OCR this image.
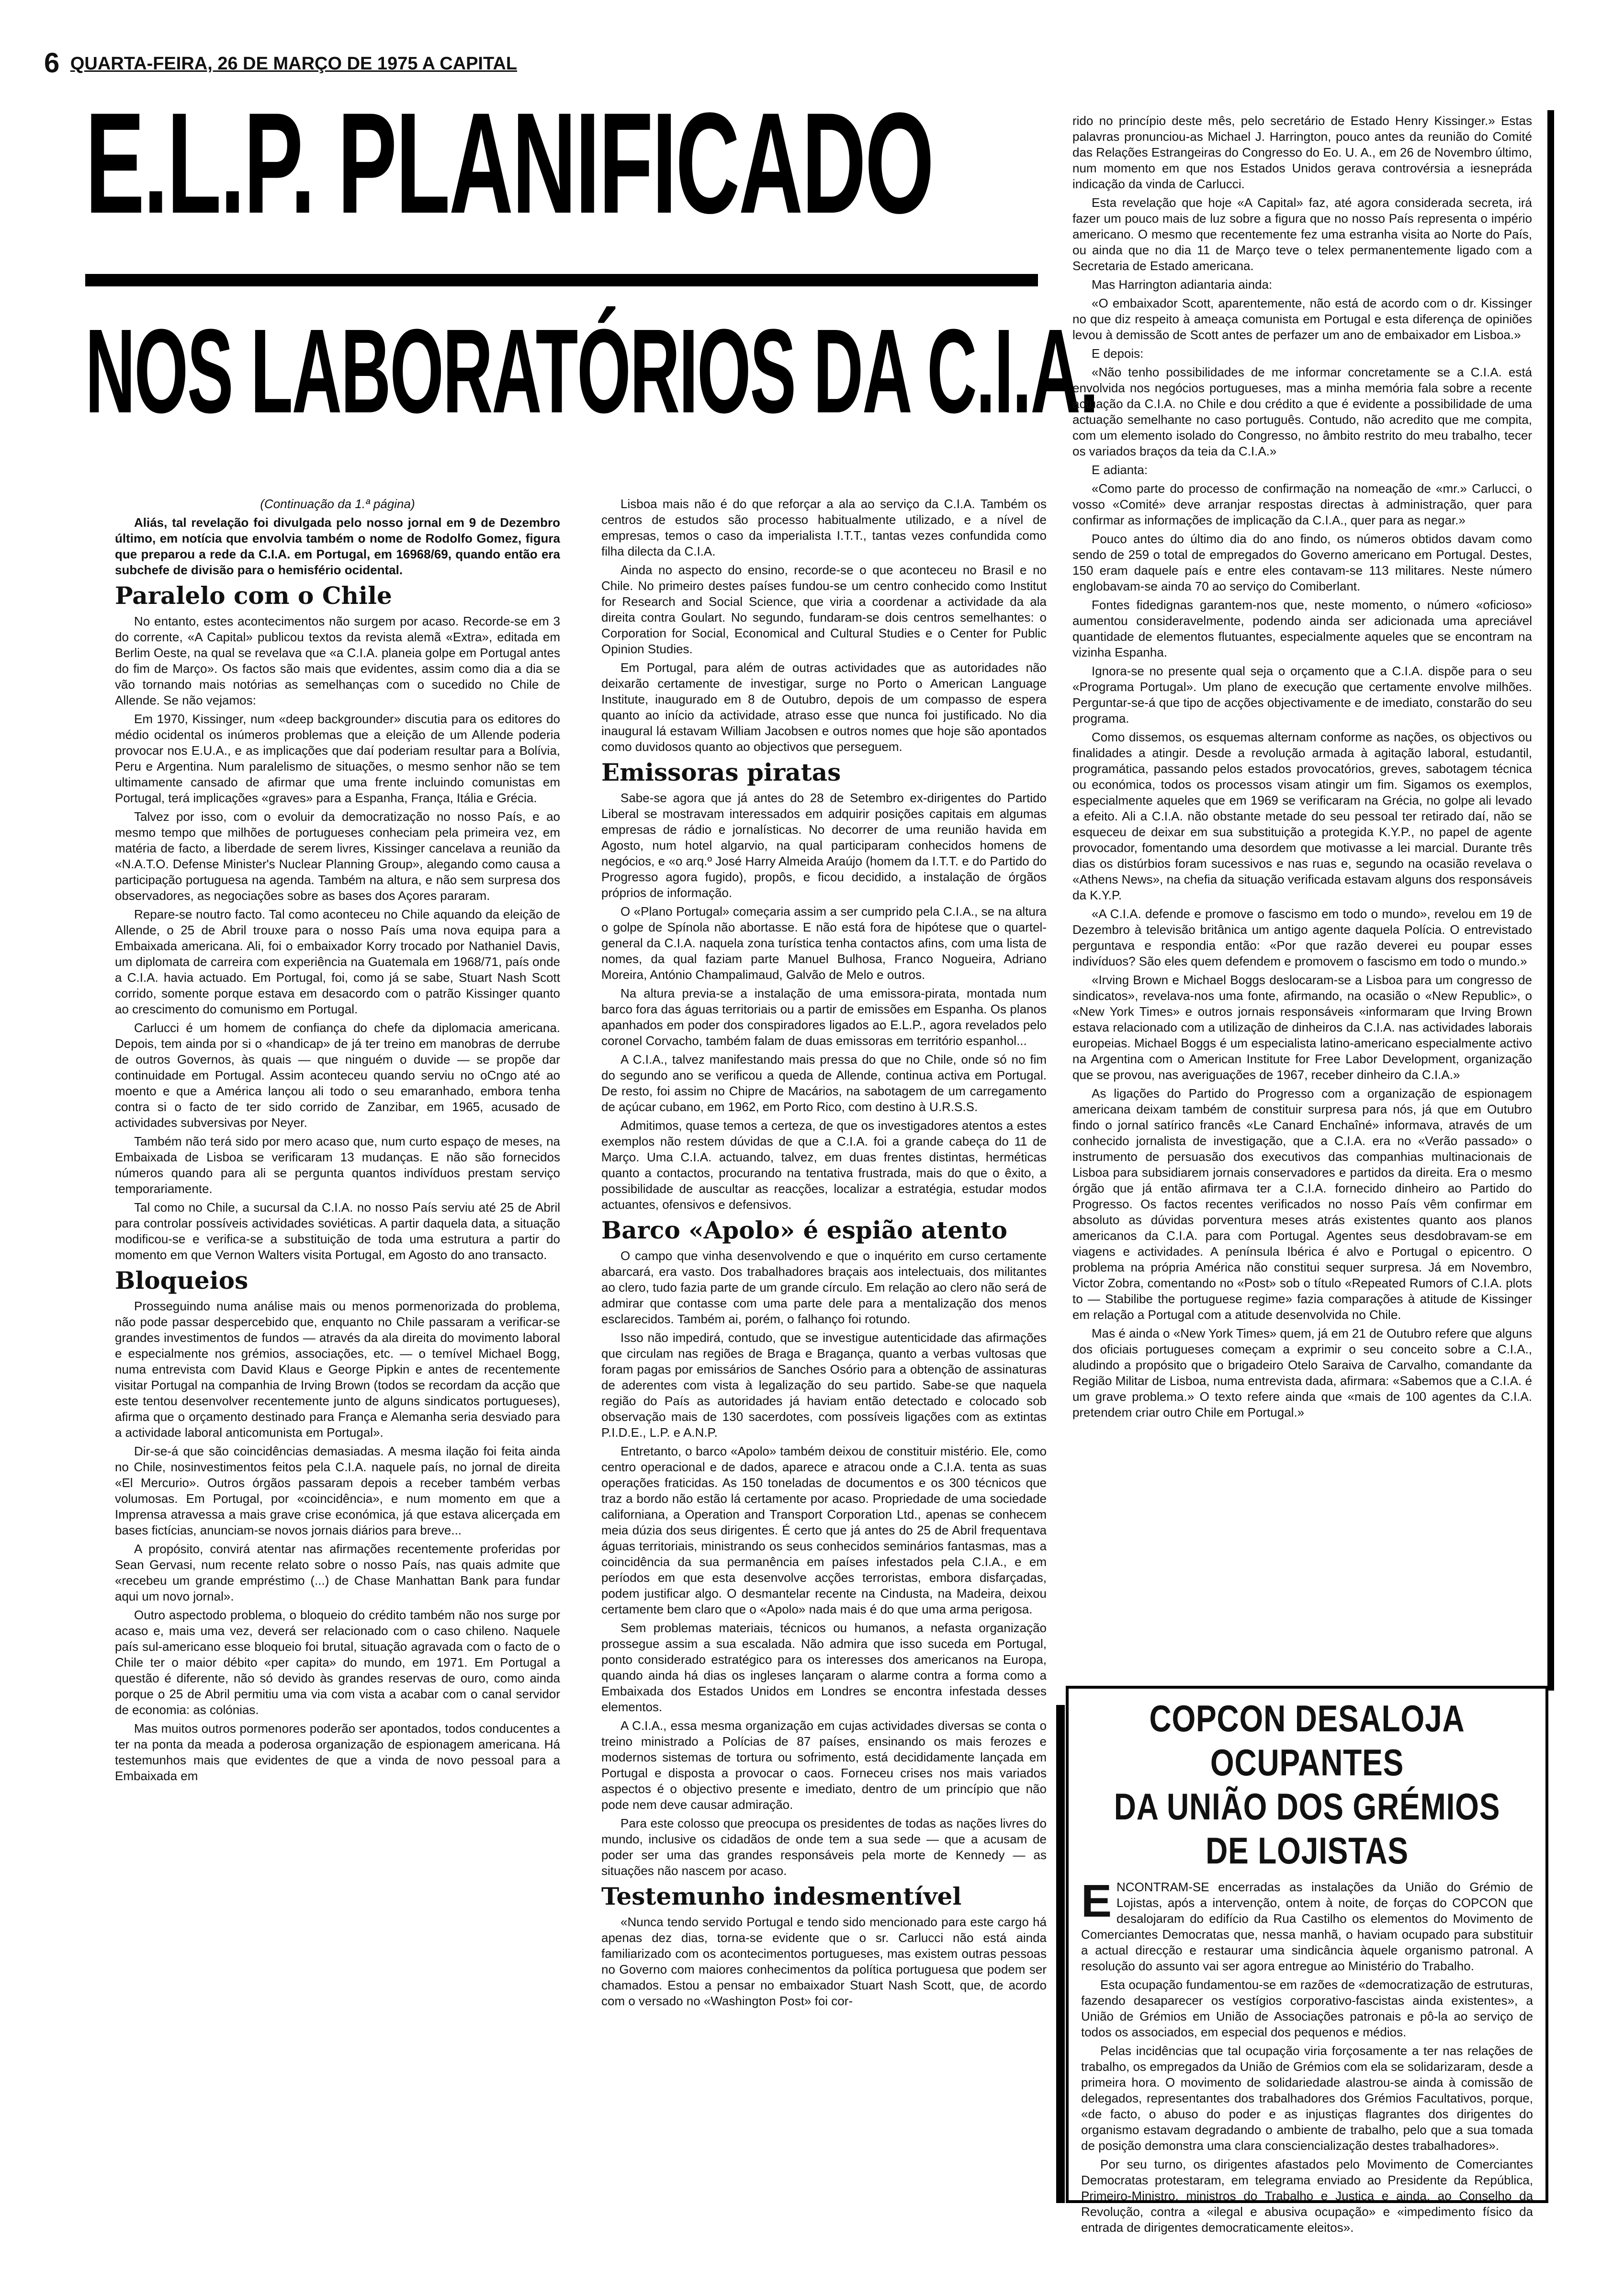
6 QUARTA-FEIRA, 26 DE MARÇO DE 1975 A CAPITAL
E.L.P. PLANIFICADO
NOS LABORATÓRIOS DA C.I.A.

(Continuação da 1.ª página)

Aliás, tal revelação foi divulgada pelo nosso jornal em 9 de Dezembro último, em notícia que envolvia também o nome de Rodolfo Gomez, figura que preparou a rede da C.I.A. em Portugal, em 16968/69, quando então era subchefe de divisão para o hemisfério ocidental.

Paralelo com o Chile

No entanto, estes acontecimentos não surgem por acaso. Recorde-se em 3 do corrente, «A Capital» publicou textos da revista alemã «Extra», editada em Berlim Oeste, na qual se revelava que «a C.I.A. planeia golpe em Portugal antes do fim de Março». Os factos são mais que evidentes, assim como dia a dia se vão tornando mais notórias as semelhanças com o sucedido no Chile de Allende. Se não vejamos:

Em 1970, Kissinger, num «deep backgrounder» discutia para os editores do médio ocidental os inúmeros problemas que a eleição de um Allende poderia provocar nos E.U.A., e as implicações que daí poderiam resultar para a Bolívia, Peru e Argentina. Num paralelismo de situações, o mesmo senhor não se tem ultimamente cansado de afirmar que uma frente incluindo comunistas em Portugal, terá implicações «graves» para a Espanha, França, Itália e Grécia.

Talvez por isso, com o evoluir da democratização no nosso País, e ao mesmo tempo que milhões de portugueses conheciam pela primeira vez, em matéria de facto, a liberdade de serem livres, Kissinger cancelava a reunião da «N.A.T.O. Defense Minister's Nuclear Planning Group», alegando como causa a participação portuguesa na agenda. Também na altura, e não sem surpresa dos observadores, as negociações sobre as bases dos Açores pararam.

Repare-se noutro facto. Tal como aconteceu no Chile aquando da eleição de Allende, o 25 de Abril trouxe para o nosso País uma nova equipa para a Embaixada americana. Ali, foi o embaixador Korry trocado por Nathaniel Davis, um diplomata de carreira com experiência na Guatemala em 1968/71, país onde a C.I.A. havia actuado. Em Portugal, foi, como já se sabe, Stuart Nash Scott corrido, somente porque estava em desacordo com o patrão Kissinger quanto ao crescimento do comunismo em Portugal.

Carlucci é um homem de confiança do chefe da diplomacia americana. Depois, tem ainda por si o «handicap» de já ter treino em manobras de derrube de outros Governos, às quais — que ninguém o duvide — se propõe dar continuidade em Portugal. Assim aconteceu quando serviu no oCngo até ao moento e que a América lançou ali todo o seu emaranhado, embora tenha contra si o facto de ter sido corrido de Zanzibar, em 1965, acusado de actividades subversivas por Neyer.

Também não terá sido por mero acaso que, num curto espaço de meses, na Embaixada de Lisboa se verificaram 13 mudanças. E não são fornecidos números quando para ali se pergunta quantos indivíduos prestam serviço temporariamente.

Tal como no Chile, a sucursal da C.I.A. no nosso País serviu até 25 de Abril para controlar possíveis actividades soviéticas. A partir daquela data, a situação modificou-se e verifica-se a substituição de toda uma estrutura a partir do momento em que Vernon Walters visita Portugal, em Agosto do ano transacto.

Bloqueios

Prosseguindo numa análise mais ou menos pormenorizada do problema, não pode passar despercebido que, enquanto no Chile passaram a verificar-se grandes investimentos de fundos — através da ala direita do movimento laboral e especialmente nos grémios, associações, etc. — o temível Michael Bogg, numa entrevista com David Klaus e George Pipkin e antes de recentemente visitar Portugal na companhia de Irving Brown (todos se recordam da acção que este tentou desenvolver recentemente junto de alguns sindicatos portugueses), afirma que o orçamento destinado para França e Alemanha seria desviado para a actividade laboral anticomunista em Portugal».

Dir-se-á que são coincidências demasiadas. A mesma ilação foi feita ainda no Chile, nosinvestimentos feitos pela C.I.A. naquele país, no jornal de direita «El Mercurio». Outros órgãos passaram depois a receber também verbas volumosas. Em Portugal, por «coincidência», e num momento em que a Imprensa atravessa a mais grave crise económica, já que estava alicerçada em bases fictícias, anunciam-se novos jornais diários para breve...

A propósito, convirá atentar nas afirmações recentemente proferidas por Sean Gervasi, num recente relato sobre o nosso País, nas quais admite que «recebeu um grande empréstimo (...) de Chase Manhattan Bank para fundar aqui um novo jornal».

Outro aspectodo problema, o bloqueio do crédito também não nos surge por acaso e, mais uma vez, deverá ser relacionado com o caso chileno. Naquele país sul-americano esse bloqueio foi brutal, situação agravada com o facto de o Chile ter o maior débito «per capita» do mundo, em 1971. Em Portugal a questão é diferente, não só devido às grandes reservas de ouro, como ainda porque o 25 de Abril permitiu uma via com vista a acabar com o canal servidor de economia: as colónias.

Mas muitos outros pormenores poderão ser apontados, todos conducentes a ter na ponta da meada a poderosa organização de espionagem americana. Há testemunhos mais que evidentes de que a vinda de novo pessoal para a Embaixada em

Lisboa mais não é do que reforçar a ala ao serviço da C.I.A. Também os centros de estudos são processo habitualmente utilizado, e a nível de empresas, temos o caso da imperialista I.T.T., tantas vezes confundida como filha dilecta da C.I.A.

Ainda no aspecto do ensino, recorde-se o que aconteceu no Brasil e no Chile. No primeiro destes países fundou-se um centro conhecido como Institut for Research and Social Science, que viria a coordenar a actividade da ala direita contra Goulart. No segundo, fundaram-se dois centros semelhantes: o Corporation for Social, Economical and Cultural Studies e o Center for Public Opinion Studies.

Em Portugal, para além de outras actividades que as autoridades não deixarão certamente de investigar, surge no Porto o American Language Institute, inaugurado em 8 de Outubro, depois de um compasso de espera quanto ao início da actividade, atraso esse que nunca foi justificado. No dia inaugural lá estavam William Jacobsen e outros nomes que hoje são apontados como duvidosos quanto ao objectivos que perseguem.

Emissoras piratas

Sabe-se agora que já antes do 28 de Setembro ex-dirigentes do Partido Liberal se mostravam interessados em adquirir posições capitais em algumas empresas de rádio e jornalísticas. No decorrer de uma reunião havida em Agosto, num hotel algarvio, na qual participaram conhecidos homens de negócios, e «o arq.º José Harry Almeida Araújo (homem da I.T.T. e do Partido do Progresso agora fugido), propôs, e ficou decidido, a instalação de órgãos próprios de informação.

O «Plano Portugal» começaria assim a ser cumprido pela C.I.A., se na altura o golpe de Spínola não abortasse. E não está fora de hipótese que o quartel-general da C.I.A. naquela zona turística tenha contactos afins, com uma lista de nomes, da qual faziam parte Manuel Bulhosa, Franco Nogueira, Adriano Moreira, António Champalimaud, Galvão de Melo e outros.

Na altura previa-se a instalação de uma emissora-pirata, montada num barco fora das águas territoriais ou a partir de emissões em Espanha. Os planos apanhados em poder dos conspiradores ligados ao E.L.P., agora revelados pelo coronel Corvacho, também falam de duas emissoras em território espanhol...

A C.I.A., talvez manifestando mais pressa do que no Chile, onde só no fim do segundo ano se verificou a queda de Allende, continua activa em Portugal. De resto, foi assim no Chipre de Macários, na sabotagem de um carregamento de açúcar cubano, em 1962, em Porto Rico, com destino à U.R.S.S.

Admitimos, quase temos a certeza, de que os investigadores atentos a estes exemplos não restem dúvidas de que a C.I.A. foi a grande cabeça do 11 de Março. Uma C.I.A. actuando, talvez, em duas frentes distintas, herméticas quanto a contactos, procurando na tentativa frustrada, mais do que o êxito, a possibilidade de auscultar as reacções, localizar a estratégia, estudar modos actuantes, ofensivos e defensivos.

Barco «Apolo» é espião atento

O campo que vinha desenvolvendo e que o inquérito em curso certamente abarcará, era vasto. Dos trabalhadores braçais aos intelectuais, dos militantes ao clero, tudo fazia parte de um grande círculo. Em relação ao clero não será de admirar que contasse com uma parte dele para a mentalização dos menos esclarecidos. Também ai, porém, o falhanço foi rotundo.

Isso não impedirá, contudo, que se investigue autenticidade das afirmações que circulam nas regiões de Braga e Bragança, quanto a verbas vultosas que foram pagas por emissários de Sanches Osório para a obtenção de assinaturas de aderentes com vista à legalização do seu partido. Sabe-se que naquela região do País as autoridades já haviam então detectado e colocado sob observação mais de 130 sacerdotes, com possíveis ligações com as extintas P.I.D.E., L.P. e A.N.P.

Entretanto, o barco «Apolo» também deixou de constituir mistério. Ele, como centro operacional e de dados, aparece e atracou onde a C.I.A. tenta as suas operações fraticidas. As 150 toneladas de documentos e os 300 técnicos que traz a bordo não estão lá certamente por acaso. Propriedade de uma sociedade californiana, a Operation and Transport Corporation Ltd., apenas se conhecem meia dúzia dos seus dirigentes. É certo que já antes do 25 de Abril frequentava águas territoriais, ministrando os seus conhecidos seminários fantasmas, mas a coincidência da sua permanência em países infestados pela C.I.A., e em períodos em que esta desenvolve acções terroristas, embora disfarçadas, podem justificar algo. O desmantelar recente na Cindusta, na Madeira, deixou certamente bem claro que o «Apolo» nada mais é do que uma arma perigosa.

Sem problemas materiais, técnicos ou humanos, a nefasta organização prossegue assim a sua escalada. Não admira que isso suceda em Portugal, ponto considerado estratégico para os interesses dos americanos na Europa, quando ainda há dias os ingleses lançaram o alarme contra a forma como a Embaixada dos Estados Unidos em Londres se encontra infestada desses elementos.

A C.I.A., essa mesma organização em cujas actividades diversas se conta o treino ministrado a Polícias de 87 países, ensinando os mais ferozes e modernos sistemas de tortura ou sofrimento, está decididamente lançada em Portugal e disposta a provocar o caos. Forneceu crises nos mais variados aspectos é o objectivo presente e imediato, dentro de um princípio que não pode nem deve causar admiração.

Para este colosso que preocupa os presidentes de todas as nações livres do mundo, inclusive os cidadãos de onde tem a sua sede — que a acusam de poder ser uma das grandes responsáveis pela morte de Kennedy — as situações não nascem por acaso.

Testemunho indesmentível

«Nunca tendo servido Portugal e tendo sido mencionado para este cargo há apenas dez dias, torna-se evidente que o sr. Carlucci não está ainda familiarizado com os acontecimentos portugueses, mas existem outras pessoas no Governo com maiores conhecimentos da política portuguesa que podem ser chamados. Estou a pensar no embaixador Stuart Nash Scott, que, de acordo com o versado no «Washington Post» foi cor-

rido no princípio deste mês, pelo secretário de Estado Henry Kissinger.» Estas palavras pronunciou-as Michael J. Harrington, pouco antes da reunião do Comité das Relações Estrangeiras do Congresso do Eo. U. A., em 26 de Novembro último, num momento em que nos Estados Unidos gerava controvérsia a iesnepráda indicação da vinda de Carlucci.

Esta revelação que hoje «A Capital» faz, até agora considerada secreta, irá fazer um pouco mais de luz sobre a figura que no nosso País representa o império americano. O mesmo que recentemente fez uma estranha visita ao Norte do País, ou ainda que no dia 11 de Março teve o telex permanentemente ligado com a Secretaria de Estado americana.

Mas Harrington adiantaria ainda:

«O embaixador Scott, aparentemente, não está de acordo com o dr. Kissinger no que diz respeito à ameaça comunista em Portugal e esta diferença de opiniões levou à demissão de Scott antes de perfazer um ano de embaixador em Lisboa.»

E depois:

«Não tenho possibilidades de me informar concretamente se a C.I.A. está envolvida nos negócios portugueses, mas a minha memória fala sobre a recente actuação da C.I.A. no Chile e dou crédito a que é evidente a possibilidade de uma actuação semelhante no caso português. Contudo, não acredito que me compita, com um elemento isolado do Congresso, no âmbito restrito do meu trabalho, tecer os variados braços da teia da C.I.A.»

E adianta:

«Como parte do processo de confirmação na nomeação de «mr.» Carlucci, o vosso «Comité» deve arranjar respostas directas à administração, quer para confirmar as informações de implicação da C.I.A., quer para as negar.»

Pouco antes do último dia do ano findo, os números obtidos davam como sendo de 259 o total de empregados do Governo americano em Portugal. Destes, 150 eram daquele país e entre eles contavam-se 113 militares. Neste número englobavam-se ainda 70 ao serviço do Comiberlant.

Fontes fidedignas garantem-nos que, neste momento, o número «oficioso» aumentou consideravelmente, podendo ainda ser adicionada uma apreciável quantidade de elementos flutuantes, especialmente aqueles que se encontram na vizinha Espanha.

Ignora-se no presente qual seja o orçamento que a C.I.A. dispõe para o seu «Programa Portugal». Um plano de execução que certamente envolve milhões. Perguntar-se-á que tipo de acções objectivamente e de imediato, constarão do seu programa.

Como dissemos, os esquemas alternam conforme as nações, os objectivos ou finalidades a atingir. Desde a revolução armada à agitação laboral, estudantil, programática, passando pelos estados provocatórios, greves, sabotagem técnica ou económica, todos os processos visam atingir um fim. Sigamos os exemplos, especialmente aqueles que em 1969 se verificaram na Grécia, no golpe ali levado a efeito. Ali a C.I.A. não obstante metade do seu pessoal ter retirado daí, não se esqueceu de deixar em sua substituição a protegida K.Y.P., no papel de agente provocador, fomentando uma desordem que motivasse a lei marcial. Durante três dias os distúrbios foram sucessivos e nas ruas e, segundo na ocasião revelava o «Athens News», na chefia da situação verificada estavam alguns dos responsáveis da K.Y.P.

«A C.I.A. defende e promove o fascismo em todo o mundo», revelou em 19 de Dezembro à televisão britânica um antigo agente daquela Polícia. O entrevistado perguntava e respondia então: «Por que razão deverei eu poupar esses indivíduos? São eles quem defendem e promovem o fascismo em todo o mundo.»

«Irving Brown e Michael Boggs deslocaram-se a Lisboa para um congresso de sindicatos», revelava-nos uma fonte, afirmando, na ocasião o «New Republic», o «New York Times» e outros jornais responsáveis «informaram que Irving Brown estava relacionado com a utilização de dinheiros da C.I.A. nas actividades laborais europeias. Michael Boggs é um especialista latino-americano especialmente activo na Argentina com o American Institute for Free Labor Development, organização que se provou, nas averiguações de 1967, receber dinheiro da C.I.A.»

As ligações do Partido do Progresso com a organização de espionagem americana deixam também de constituir surpresa para nós, já que em Outubro findo o jornal satírico francês «Le Canard Enchaîné» informava, através de um conhecido jornalista de investigação, que a C.I.A. era no «Verão passado» o instrumento de persuasão dos executivos das companhias multinacionais de Lisboa para subsidiarem jornais conservadores e partidos da direita. Era o mesmo órgão que já então afirmava ter a C.I.A. fornecido dinheiro ao Partido do Progresso. Os factos recentes verificados no nosso País vêm confirmar em absoluto as dúvidas porventura meses atrás existentes quanto aos planos americanos da C.I.A. para com Portugal. Agentes seus desdobravam-se em viagens e actividades. A península Ibérica é alvo e Portugal o epicentro. O problema na própria América não constitui sequer surpresa. Já em Novembro, Victor Zobra, comentando no «Post» sob o título «Repeated Rumors of C.I.A. plots to — Stabilibe the portuguese regime» fazia comparações à atitude de Kissinger em relação a Portugal com a atitude desenvolvida no Chile.

Mas é ainda o «New York Times» quem, já em 21 de Outubro refere que alguns dos oficiais portugueses começam a exprimir o seu conceito sobre a C.I.A., aludindo a propósito que o brigadeiro Otelo Saraiva de Carvalho, comandante da Região Militar de Lisboa, numa entrevista dada, afirmara: «Sabemos que a C.I.A. é um grave problema.» O texto refere ainda que «mais de 100 agentes da C.I.A. pretendem criar outro Chile em Portugal.»

COPCON DESALOJA OCUPANTES
DA UNIÃO DOS GRÉMIOS DE LOJISTAS

ENCONTRAM-SE encerradas as instalações da União do Grémio de Lojistas, após a intervenção, ontem à noite, de forças do COPCON que desalojaram do edifício da Rua Castilho os elementos do Movimento de Comerciantes Democratas que, nessa manhã, o haviam ocupado para substituir a actual direcção e restaurar uma sindicância àquele organismo patronal. A resolução do assunto vai ser agora entregue ao Ministério do Trabalho.

Esta ocupação fundamentou-se em razões de «democratização de estruturas, fazendo desaparecer os vestígios corporativo-fascistas ainda existentes», a União de Grémios em União de Associações patronais e pô-la ao serviço de todos os associados, em especial dos pequenos e médios.

Pelas incidências que tal ocupação viria forçosamente a ter nas relações de trabalho, os empregados da União de Grémios com ela se solidarizaram, desde a primeira hora. O movimento de solidariedade alastrou-se ainda à comissão de delegados, representantes dos trabalhadores dos Grémios Facultativos, porque, «de facto, o abuso do poder e as injustiças flagrantes dos dirigentes do organismo estavam degradando o ambiente de trabalho, pelo que a sua tomada de posição demonstra uma clara consciencialização destes trabalhadores».

Por seu turno, os dirigentes afastados pelo Movimento de Comerciantes Democratas protestaram, em telegrama enviado ao Presidente da República, Primeiro-Ministro, ministros do Trabalho e Justiça e ainda, ao Conselho da Revolução, contra a «ilegal e abusiva ocupação» e «impedimento físico da entrada de dirigentes democraticamente eleitos».
